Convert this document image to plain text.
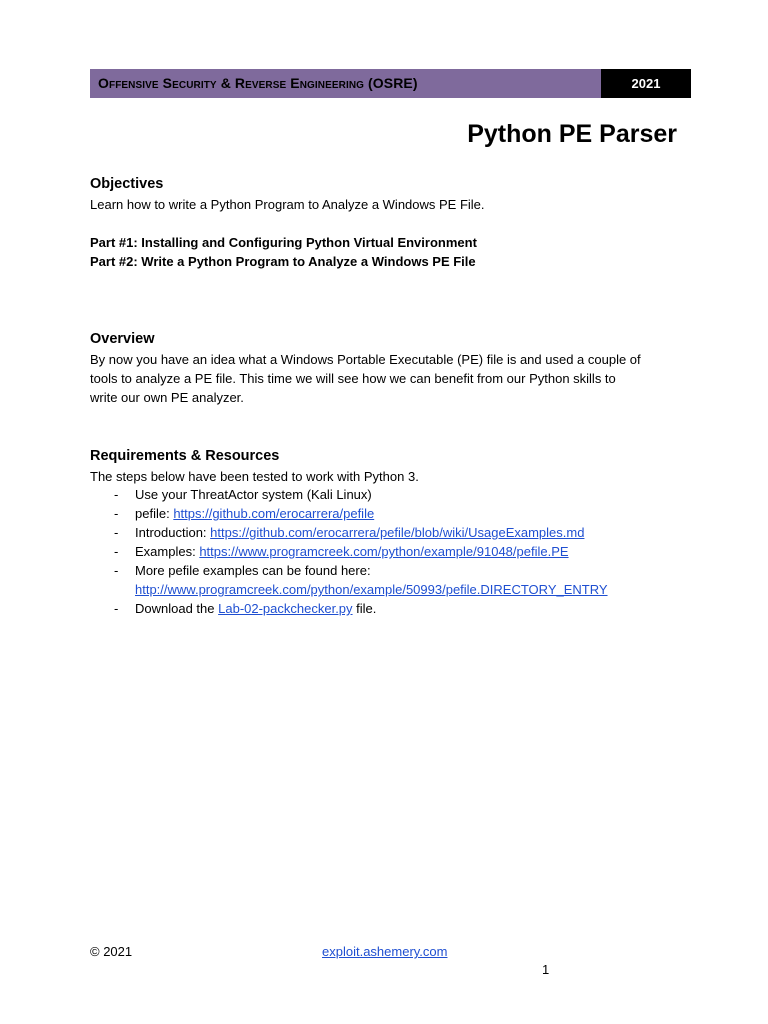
Offensive Security & Reverse Engineering (OSRE)	2021
Python PE Parser
Objectives

Learn how to write a Python Program to Analyze a Windows PE File.

Part #1: Installing and Configuring Python Virtual Environment

Part #2: Write a Python Program to Analyze a Windows PE File

Overview

By now you have an idea what a Windows Portable Executable (PE) file is and used a couple of
tools to analyze a PE file. This time we will see how we can benefit from our Python skills to
write our own PE analyzer.

Requirements & Resources

The steps below have been tested to work with Python 3.

- Use your ThreatActor system (Kali Linux)
- pefile: https://github.com/erocarrera/pefile
- Introduction: https://github.com/erocarrera/pefile/blob/wiki/UsageExamples.md
- Examples: https://www.programcreek.com/python/example/91048/pefile.PE
- More pefile examples can be found here:
http://www.programcreek.com/python/example/50993/pefile.DIRECTORY_ENTRY
- Download the Lab-02-packchecker.py file.
© 2021	exploit.ashemery.com
1
